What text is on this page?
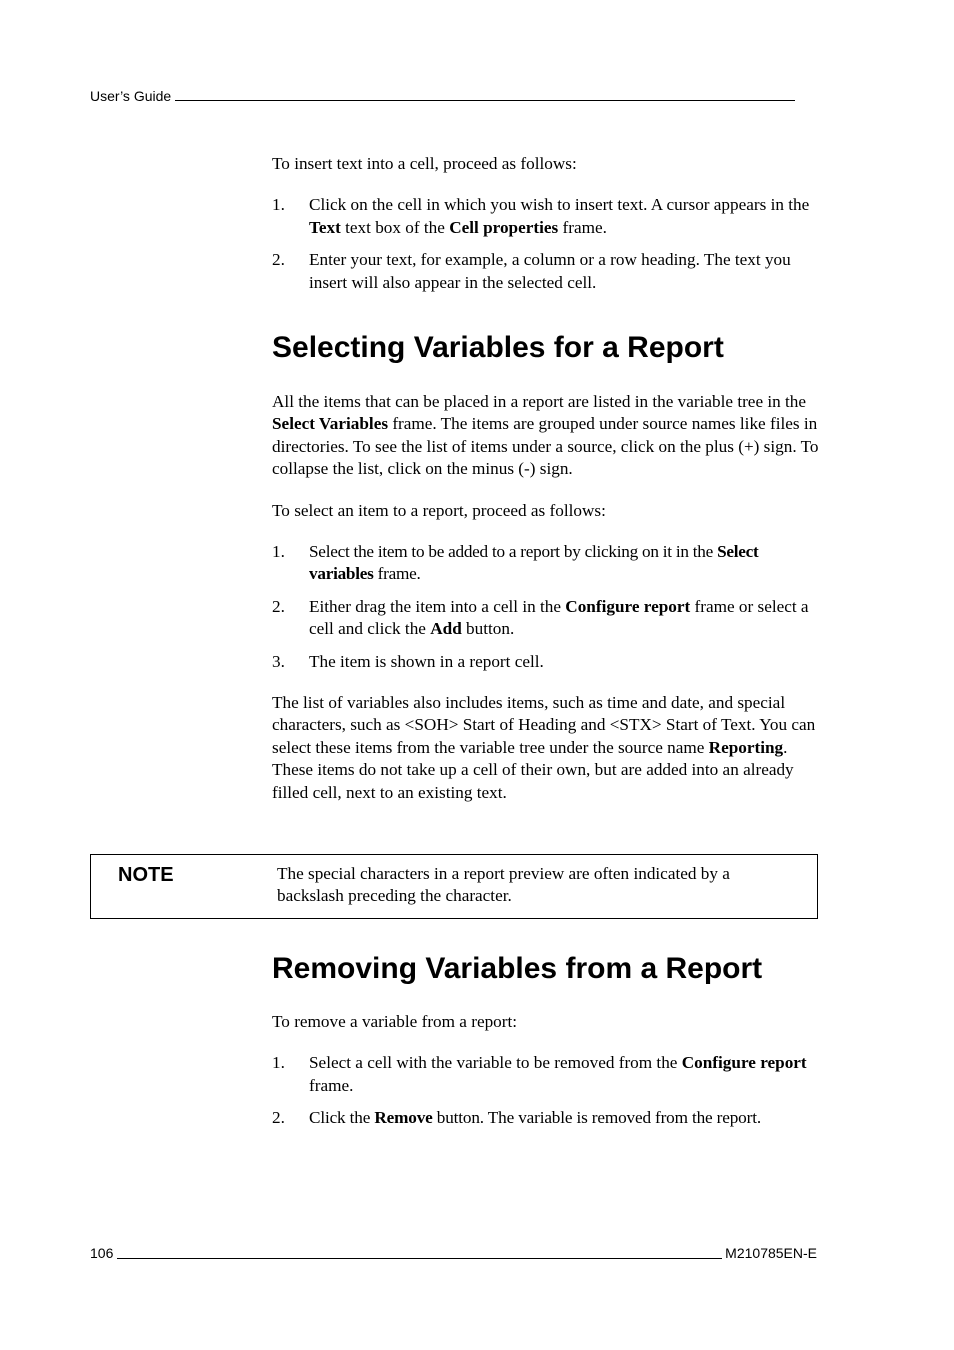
User’s Guide

To insert text into a cell, proceed as follows:

1.	Click on the cell in which you wish to insert text. A cursor appears in the Text text box of the Cell properties frame.
2.	Enter your text, for example, a column or a row heading. The text you insert will also appear in the selected cell.
Selecting Variables for a Report

All the items that can be placed in a report are listed in the variable tree in the Select Variables frame. The items are grouped under source names like files in directories. To see the list of items under a source, click on the plus (+) sign. To collapse the list, click on the minus (-) sign.

To select an item to a report, proceed as follows:

1.	Select the item to be added to a report by clicking on it in the Select variables frame.
2.	Either drag the item into a cell in the Configure report frame or select a cell and click the Add button.
3.	The item is shown in a report cell.

The list of variables also includes items, such as time and date, and special characters, such as <SOH> Start of Heading and <STX> Start of Text. You can select these items from the variable tree under the source name Reporting. These items do not take up a cell of their own, but are added into an already filled cell, next to an existing text.

NOTE	The special characters in a report preview are often indicated by a backslash preceding the character.
Removing Variables from a Report

To remove a variable from a report:

1.	Select a cell with the variable to be removed from the Configure report frame.
2.	Click the Remove button. The variable is removed from the report.
106	M210785EN-E
